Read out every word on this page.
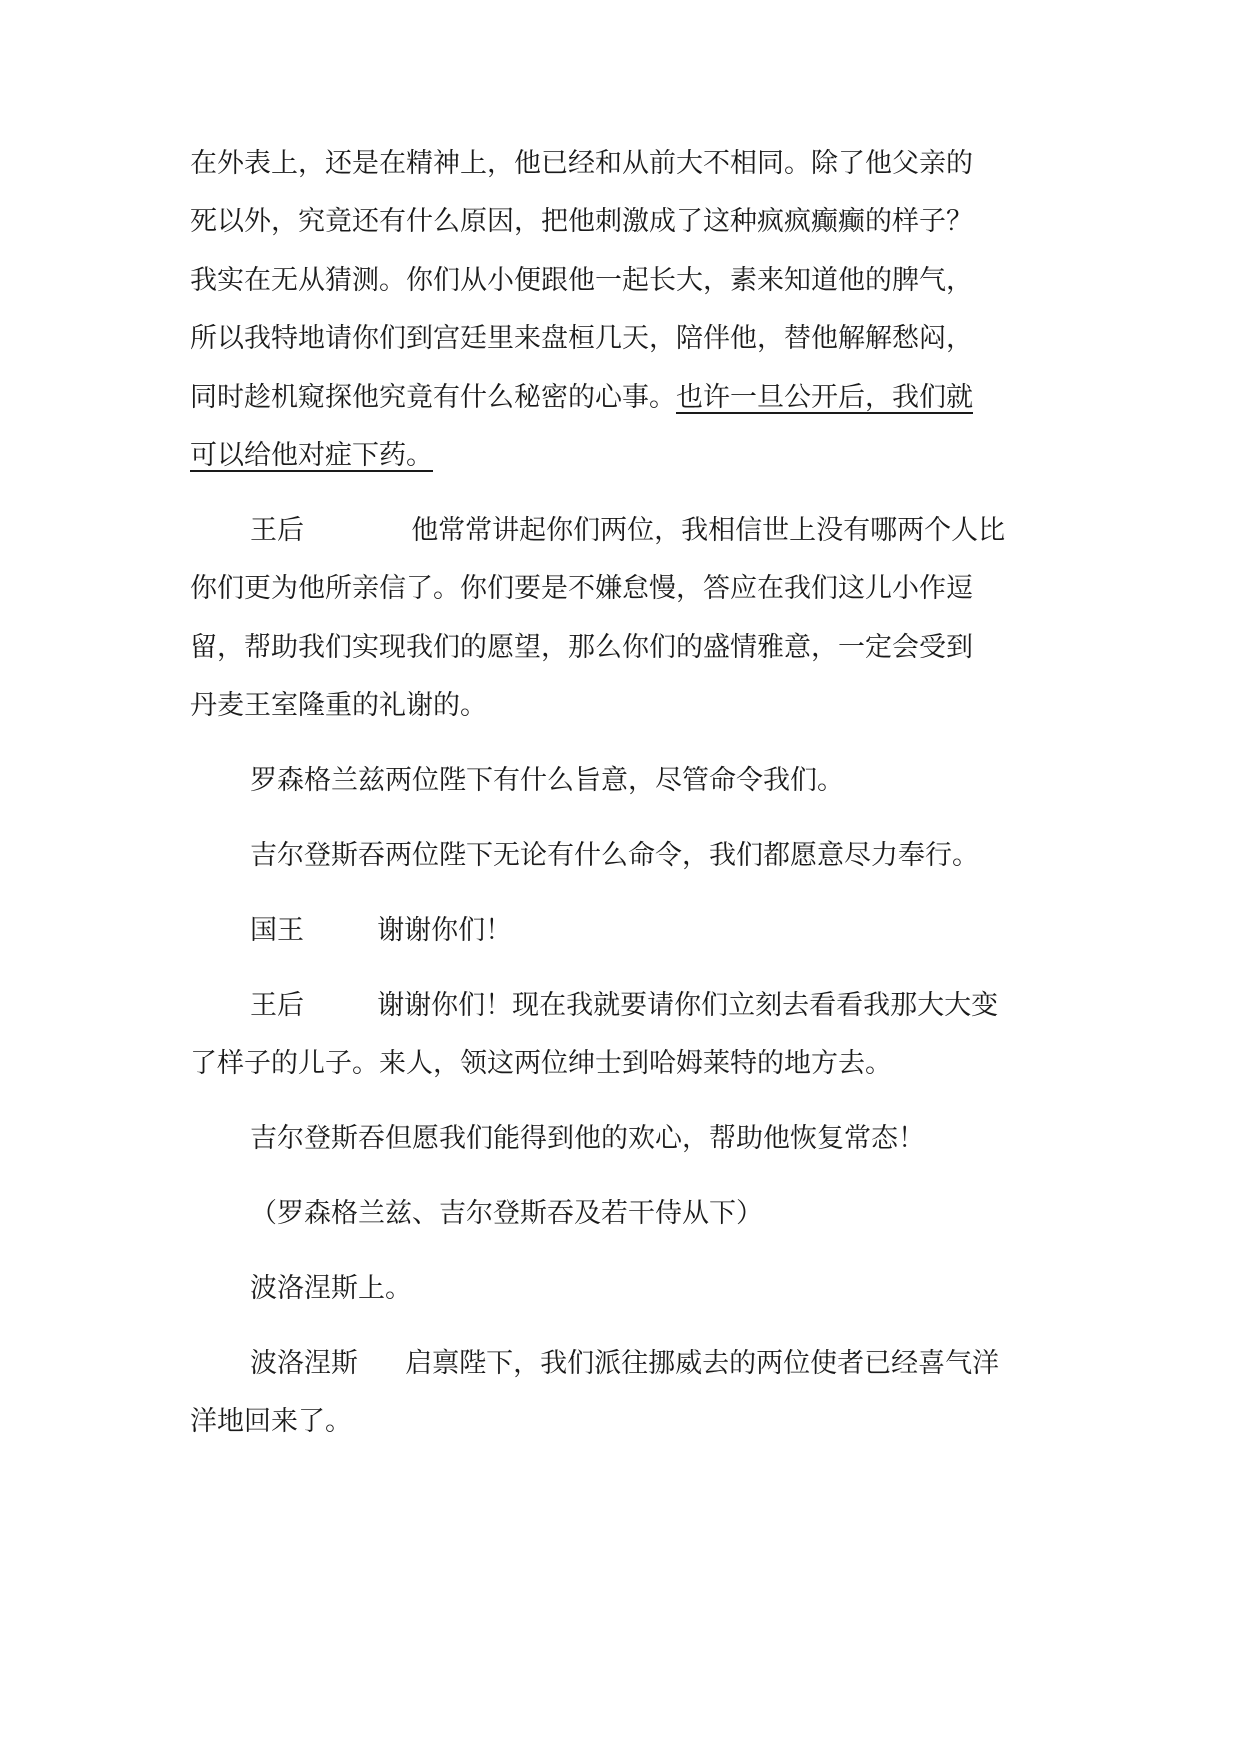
在外表上，还是在精神上，他已经和从前大不相同。除了他父亲的
死以外，究竟还有什么原因，把他刺激成了这种疯疯癫癫的样子？
我实在无从猜测。你们从小便跟他一起长大，素来知道他的脾气，
所以我特地请你们到宫廷里来盘桓几天，陪伴他，替他解解愁闷，
同时趁机窥探他究竟有什么秘密的心事。也许一旦公开后，我们就
可以给他对症下药。
王后	他常常讲起你们两位，我相信世上没有哪两个人比
你们更为他所亲信了。你们要是不嫌怠慢，答应在我们这儿小作逗
留，帮助我们实现我们的愿望，那么你们的盛情雅意，一定会受到
丹麦王室隆重的礼谢的。
罗森格兰兹两位陛下有什么旨意，尽管命令我们。
吉尔登斯吞两位陛下无论有什么命令，我们都愿意尽力奉行。
国王	谢谢你们！
王后	谢谢你们！现在我就要请你们立刻去看看我那大大变
了样子的儿子。来人，领这两位绅士到哈姆莱特的地方去。
吉尔登斯吞但愿我们能得到他的欢心，帮助他恢复常态！
（罗森格兰兹、吉尔登斯吞及若干侍从下）
波洛涅斯上。
波洛涅斯 启禀陛下，我们派往挪威去的两位使者已经喜气洋
洋地回来了。
